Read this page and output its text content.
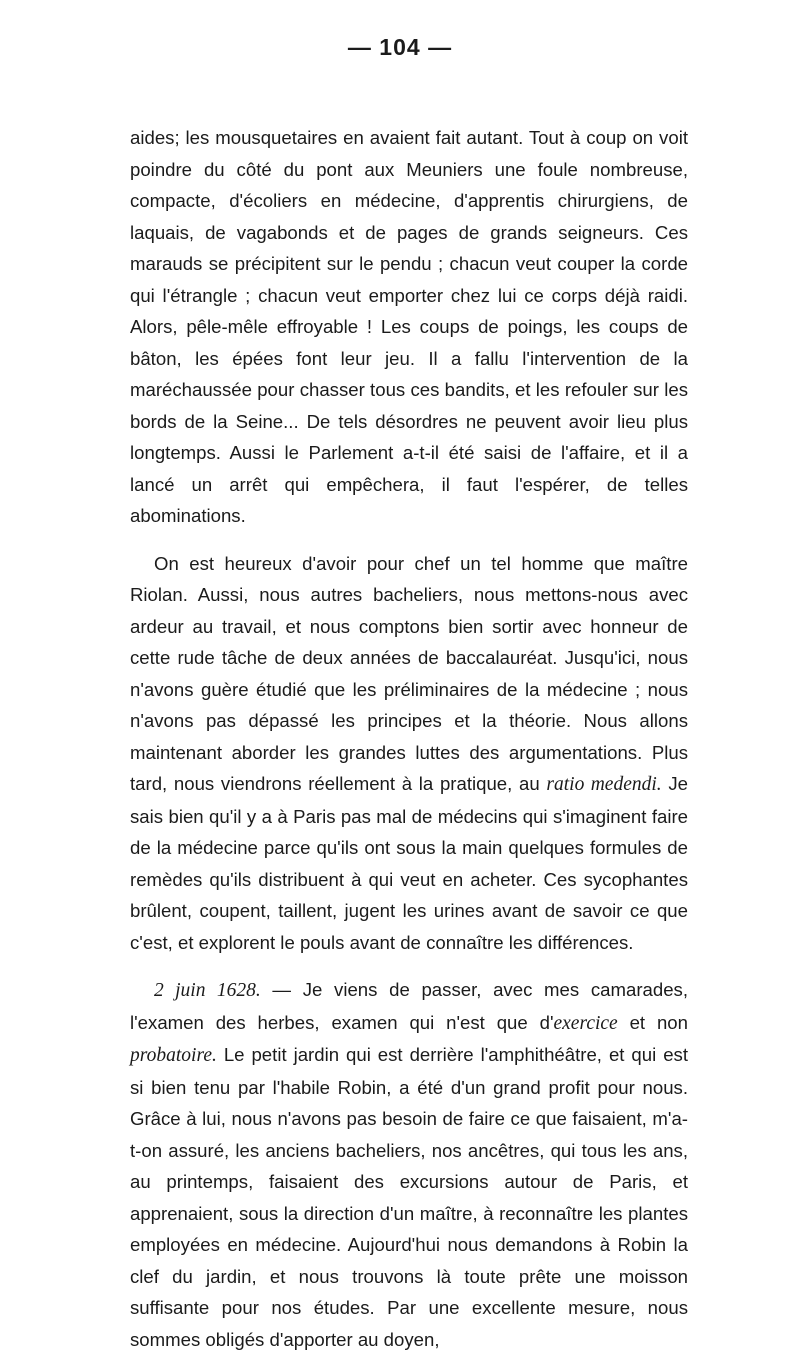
— 104 —

aides; les mousquetaires en avaient fait autant. Tout à coup on voit poindre du côté du pont aux Meuniers une foule nombreuse, compacte, d'écoliers en médecine, d'apprentis chirurgiens, de laquais, de vagabonds et de pages de grands seigneurs. Ces marauds se précipitent sur le pendu ; chacun veut couper la corde qui l'étrangle ; chacun veut emporter chez lui ce corps déjà raidi. Alors, pêle-mêle effroyable ! Les coups de poings, les coups de bâton, les épées font leur jeu. Il a fallu l'intervention de la maréchaussée pour chasser tous ces bandits, et les refouler sur les bords de la Seine... De tels désordres ne peuvent avoir lieu plus longtemps. Aussi le Parlement a-t-il été saisi de l'affaire, et il a lancé un arrêt qui empêchera, il faut l'espérer, de telles abominations.

On est heureux d'avoir pour chef un tel homme que maître Riolan. Aussi, nous autres bacheliers, nous mettons-nous avec ardeur au travail, et nous comptons bien sortir avec honneur de cette rude tâche de deux années de baccalauréat. Jusqu'ici, nous n'avons guère étudié que les préliminaires de la médecine ; nous n'avons pas dépassé les principes et la théorie. Nous allons maintenant aborder les grandes luttes des argumentations. Plus tard, nous viendrons réellement à la pratique, au ratio medendi. Je sais bien qu'il y a à Paris pas mal de médecins qui s'imaginent faire de la médecine parce qu'ils ont sous la main quelques formules de remèdes qu'ils distribuent à qui veut en acheter. Ces sycophantes brûlent, coupent, taillent, jugent les urines avant de savoir ce que c'est, et explorent le pouls avant de connaître les différences.

2 juin 1628. — Je viens de passer, avec mes camarades, l'examen des herbes, examen qui n'est que d'exercice et non probatoire. Le petit jardin qui est derrière l'amphithéâtre, et qui est si bien tenu par l'habile Robin, a été d'un grand profit pour nous. Grâce à lui, nous n'avons pas besoin de faire ce que faisaient, m'a-t-on assuré, les anciens bacheliers, nos ancêtres, qui tous les ans, au printemps, faisaient des excursions autour de Paris, et apprenaient, sous la direction d'un maître, à reconnaître les plantes employées en médecine. Aujourd'hui nous demandons à Robin la clef du jardin, et nous trouvons là toute prête une moisson suffisante pour nos études. Par une excellente mesure, nous sommes obligés d'apporter au doyen,
